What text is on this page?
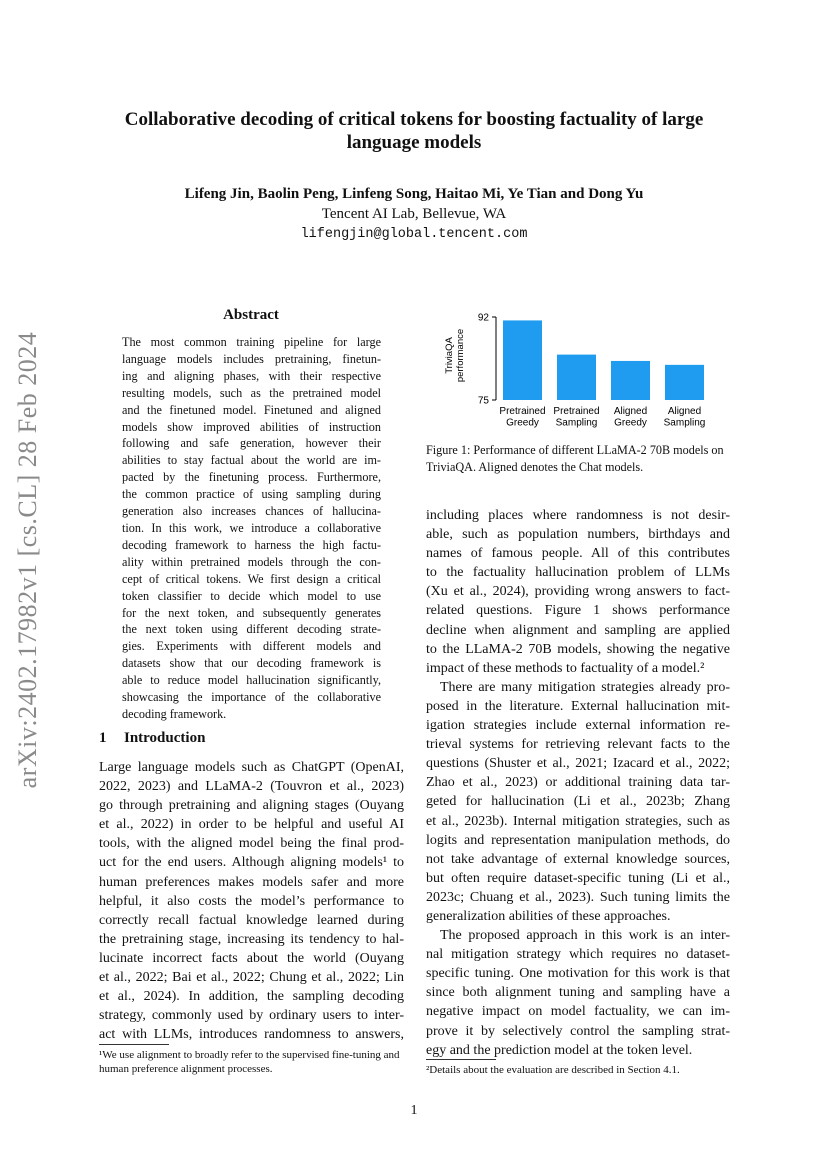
arXiv:2402.17982v1 [cs.CL] 28 Feb 2024
Collaborative decoding of critical tokens for boosting factuality of large language models
Lifeng Jin, Baolin Peng, Linfeng Song, Haitao Mi, Ye Tian and Dong Yu
Tencent AI Lab, Bellevue, WA
lifengjin@global.tencent.com
Abstract
The most common training pipeline for large
language models includes pretraining, finetun-
ing and aligning phases, with their respective
resulting models, such as the pretrained model
and the finetuned model. Finetuned and aligned
models show improved abilities of instruction
following and safe generation, however their
abilities to stay factual about the world are im-
pacted by the finetuning process. Furthermore,
the common practice of using sampling during
generation also increases chances of hallucina-
tion. In this work, we introduce a collaborative
decoding framework to harness the high factu-
ality within pretrained models through the con-
cept of critical tokens. We first design a critical
token classifier to decide which model to use
for the next token, and subsequently generates
the next token using different decoding strate-
gies. Experiments with different models and
datasets show that our decoding framework is
able to reduce model hallucination significantly,
showcasing the importance of the collaborative
decoding framework.
1 Introduction
Large language models such as ChatGPT (OpenAI,
2022, 2023) and LLaMA-2 (Touvron et al., 2023)
go through pretraining and aligning stages (Ouyang
et al., 2022) in order to be helpful and useful AI
tools, with the aligned model being the final prod-
uct for the end users. Although aligning models¹ to
human preferences makes models safer and more
helpful, it also costs the model’s performance to
correctly recall factual knowledge learned during
the pretraining stage, increasing its tendency to hal-
lucinate incorrect facts about the world (Ouyang
et al., 2022; Bai et al., 2022; Chung et al., 2022; Lin
et al., 2024). In addition, the sampling decoding
strategy, commonly used by ordinary users to inter-
act with LLMs, introduces randomness to answers,
¹We use alignment to broadly refer to the supervised fine-tuning and human preference alignment processes.
92
75
TriviaQA performance
Pretrained
Greedy
Pretrained
Sampling
Aligned
Greedy
Aligned
Sampling
Figure 1: Performance of different LLaMA-2 70B models on TriviaQA. Aligned denotes the Chat models.
including places where randomness is not desir-
able, such as population numbers, birthdays and
names of famous people. All of this contributes
to the factuality hallucination problem of LLMs
(Xu et al., 2024), providing wrong answers to fact-
related questions. Figure 1 shows performance
decline when alignment and sampling are applied
to the LLaMA-2 70B models, showing the negative
impact of these methods to factuality of a model.²
There are many mitigation strategies already pro-
posed in the literature. External hallucination mit-
igation strategies include external information re-
trieval systems for retrieving relevant facts to the
questions (Shuster et al., 2021; Izacard et al., 2022;
Zhao et al., 2023) or additional training data tar-
geted for hallucination (Li et al., 2023b; Zhang
et al., 2023b). Internal mitigation strategies, such as
logits and representation manipulation methods, do
not take advantage of external knowledge sources,
but often require dataset-specific tuning (Li et al.,
2023c; Chuang et al., 2023). Such tuning limits the
generalization abilities of these approaches.
The proposed approach in this work is an inter-
nal mitigation strategy which requires no dataset-
specific tuning. One motivation for this work is that
since both alignment tuning and sampling have a
negative impact on model factuality, we can im-
prove it by selectively control the sampling strat-
egy and the prediction model at the token level.
²Details about the evaluation are described in Section 4.1.
1
